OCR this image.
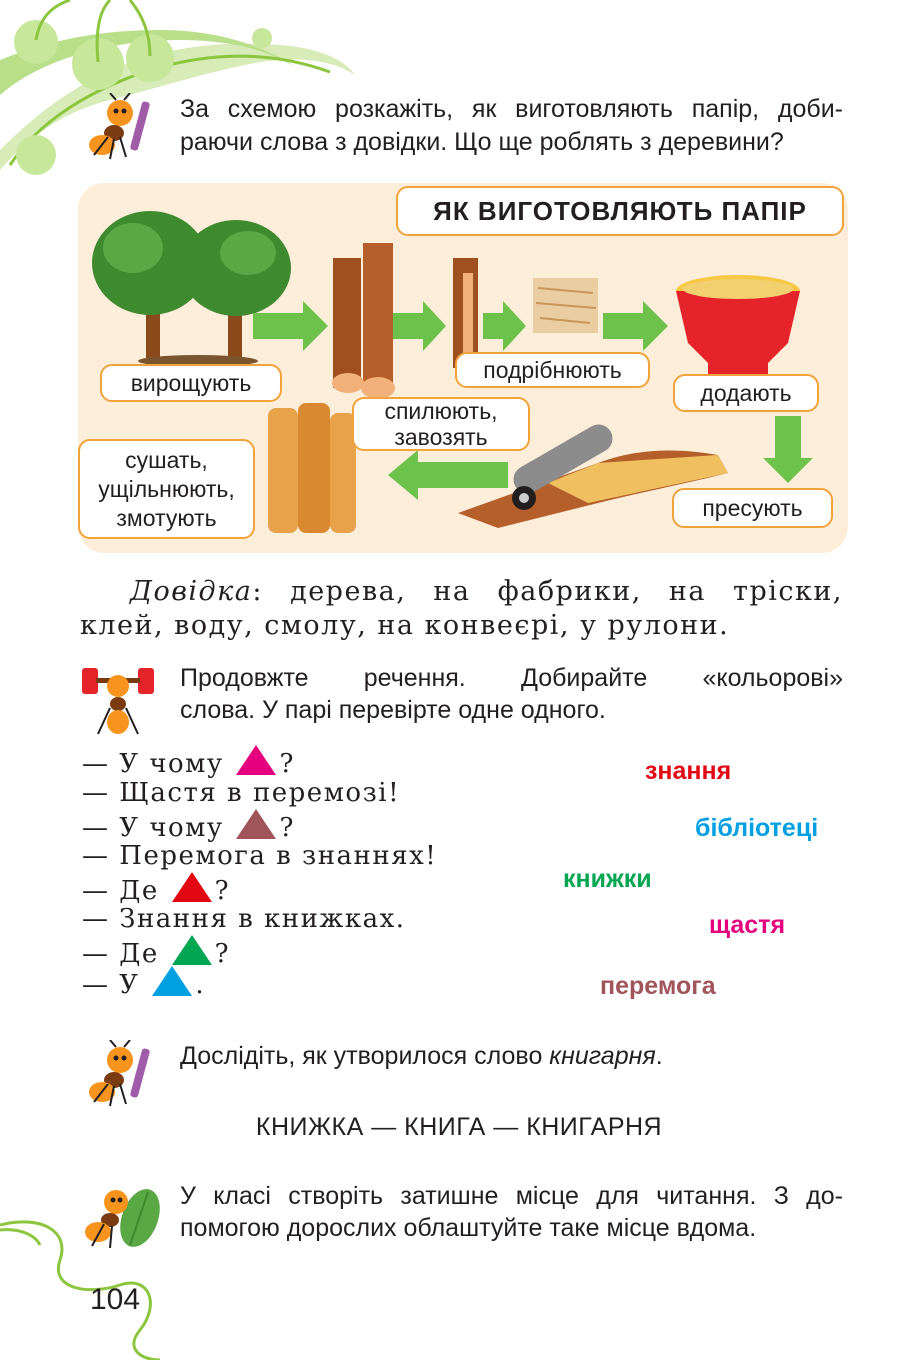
За схемою розкажіть, як виготовляють папір, доби-
раючи слова з довідки. Що ще роблять з деревини?
ЯК ВИГОТОВЛЯЮТЬ ПАПІР
вирощують
спилюють,
завозять
подрібнюють
додають
пресують
сушать,
ущільнюють,
змотують
Довідка: дерева, на фабрики, на тріски,
клей, воду, смолу, на конвеєрі, у рулони.
Продовжте речення. Добирайте «кольорові»
слова. У парі перевірте одне одного.
— У чому ?
— Щастя в перемозі!
— У чому ?
— Перемога в знаннях!
— Де ?
— Знання в книжках.
— Де ?
— У .
знання
бібліотеці
книжки
щастя
перемога
Дослідіть, як утворилося слово книгарня.
КНИЖКА — КНИГА — КНИГАРНЯ
У класі створіть затишне місце для читання. З до-
помогою дорослих облаштуйте таке місце вдома.
104
